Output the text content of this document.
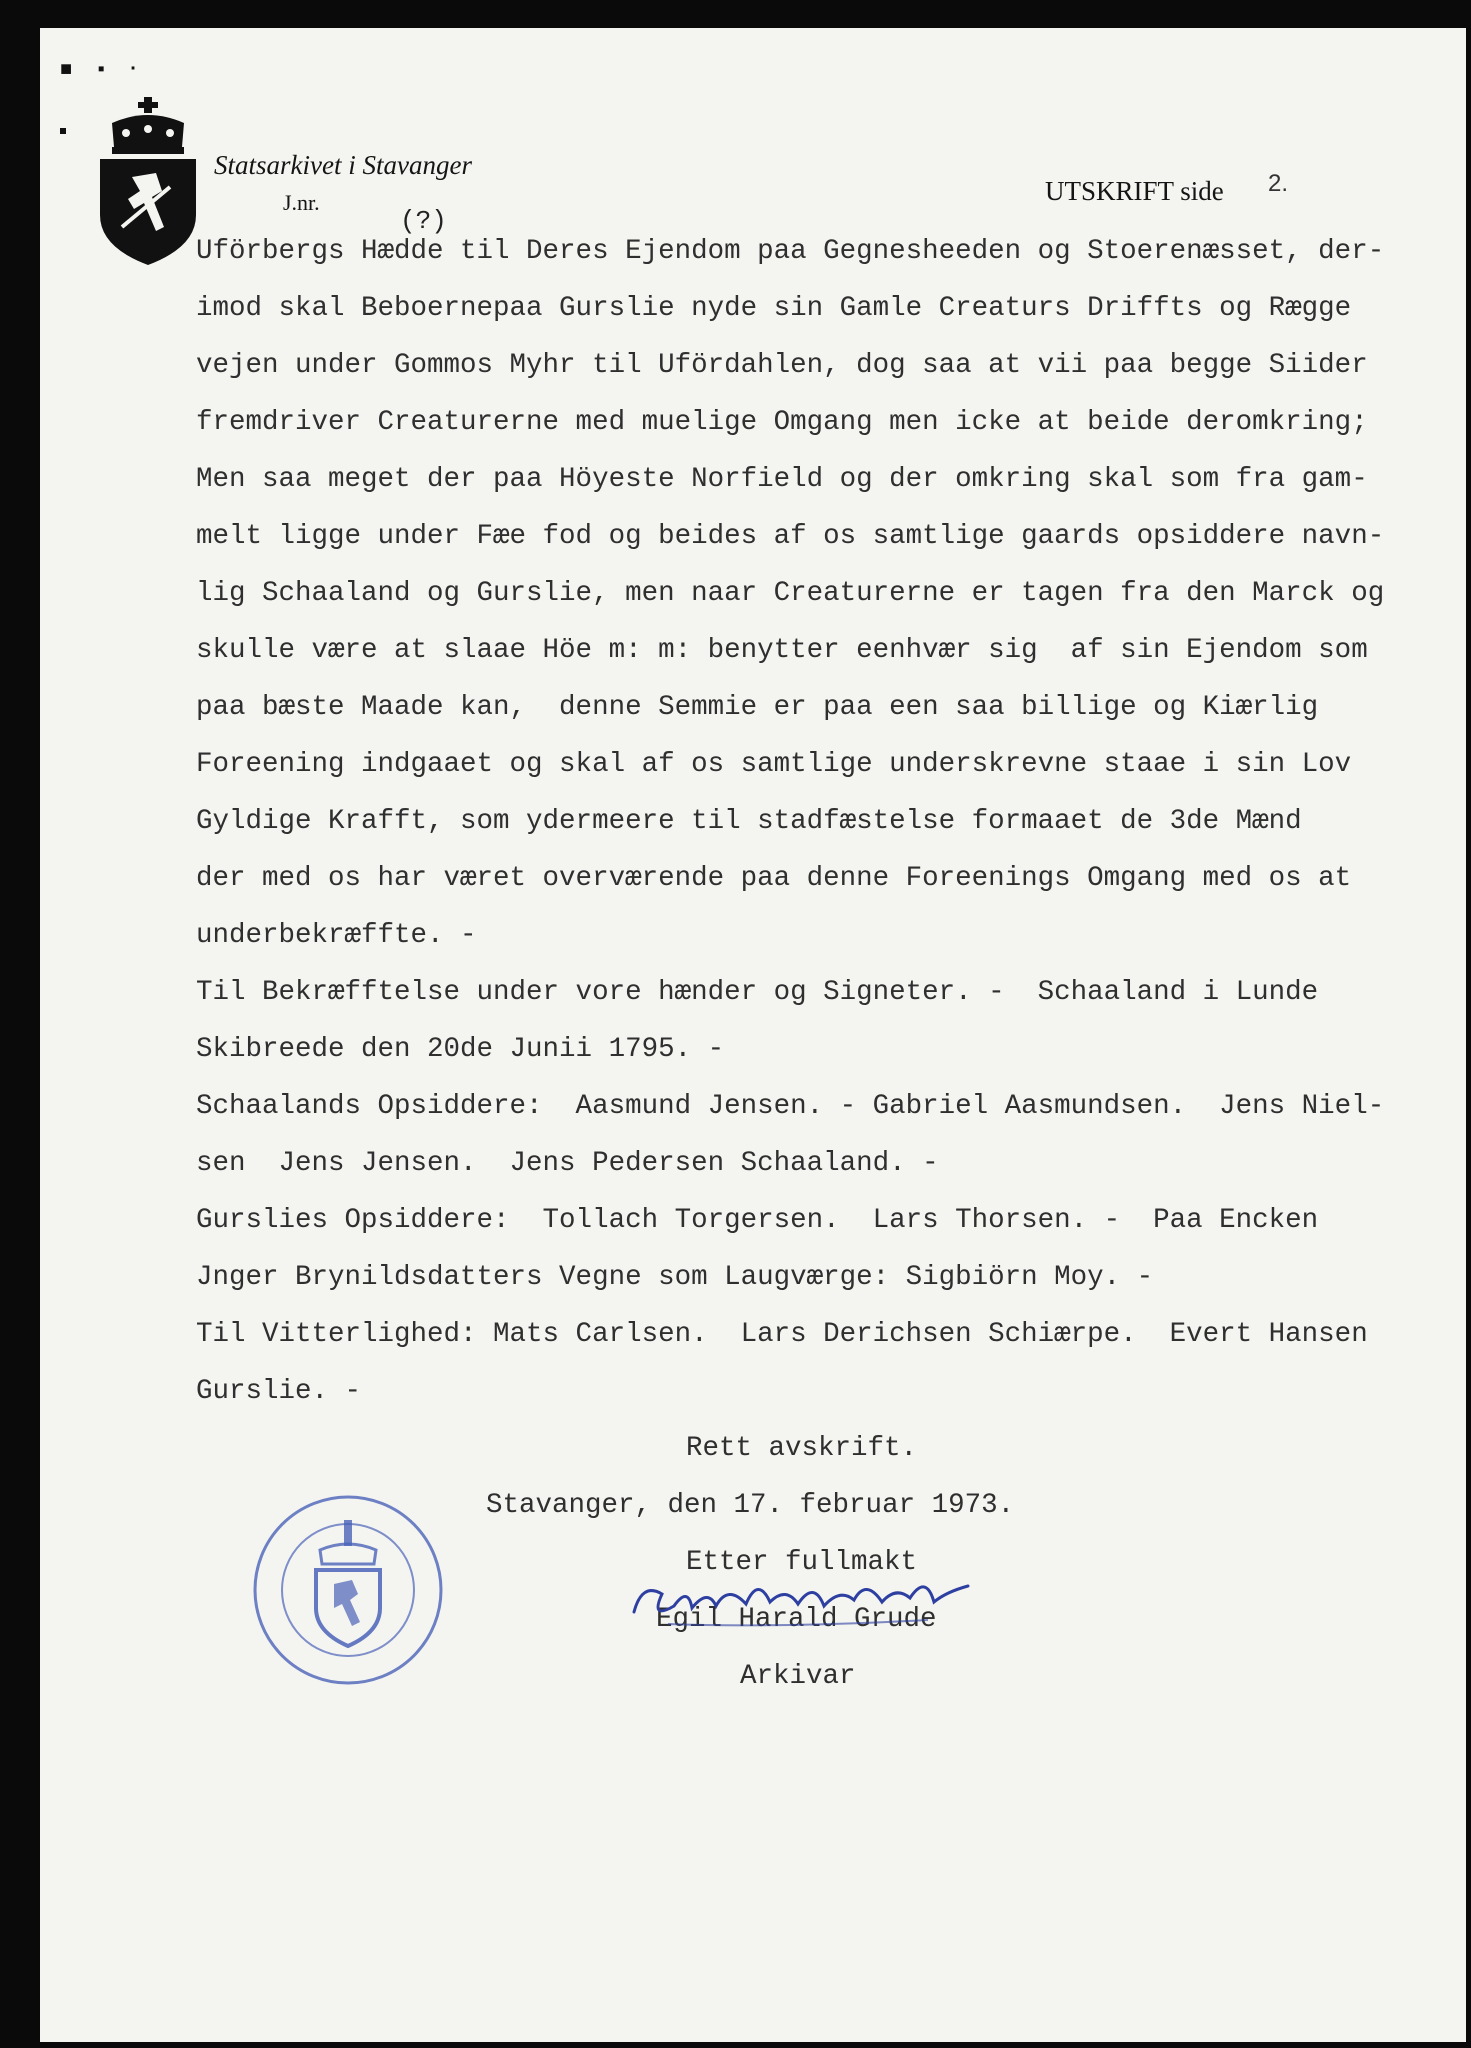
■ ▪ ·
Statsarkivet i Stavanger
J.nr.
(?)
UTSKRIFT side 2.
Uförbergs Hædde til Deres Ejendom paa Gegnesheeden og Stoerenæsset, der-
imod skal Beboernepaa Gurslie nyde sin Gamle Creaturs Driffts og Rægge
vejen under Gommos Myhr til Ufördahlen, dog saa at vii paa begge Siider
fremdriver Creaturerne med muelige Omgang men icke at beide deromkring;
Men saa meget der paa Höyeste Norfield og der omkring skal som fra gam-
melt ligge under Fæe fod og beides af os samtlige gaards opsiddere navn-
lig Schaaland og Gurslie, men naar Creaturerne er tagen fra den Marck og
skulle være at slaae Höe m: m: benytter eenhvær sig  af sin Ejendom som
paa bæste Maade kan,  denne Semmie er paa een saa billige og Kiærlig
Foreening indgaaet og skal af os samtlige underskrevne staae i sin Lov
Gyldige Krafft, som ydermeere til stadfæstelse formaaet de 3de Mænd
der med os har været overværende paa denne Foreenings Omgang med os at
underbekræffte. -
Til Bekræfftelse under vore hænder og Signeter. -  Schaaland i Lunde
Skibreede den 20de Junii 1795. -
Schaalands Opsiddere:  Aasmund Jensen. - Gabriel Aasmundsen.  Jens Niel-
sen  Jens Jensen.  Jens Pedersen Schaaland. -
Gurslies Opsiddere:  Tollach Torgersen.  Lars Thorsen. -  Paa Encken
Jnger Brynildsdatters Vegne som Laugværge: Sigbiörn Moy. -
Til Vitterlighed: Mats Carlsen.  Lars Derichsen Schiærpe.  Evert Hansen
Gurslie. -
Rett avskrift.
Stavanger, den 17. februar 1973.
Etter fullmakt
Egil Harald Grude
Arkivar
